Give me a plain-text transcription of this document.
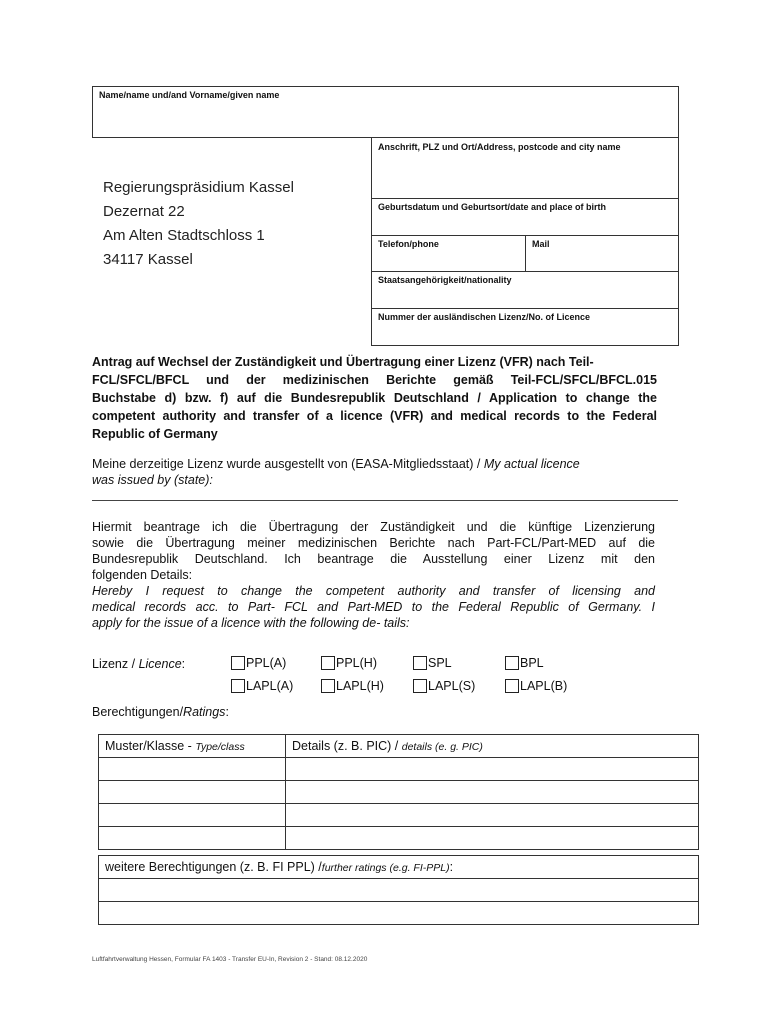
Name/name und/and Vorname/given name
Regierungspräsidium Kassel
Dezernat 22
Am Alten Stadtschloss 1
34117 Kassel
Anschrift, PLZ und Ort/Address, postcode and city name
Geburtsdatum und Geburtsort/date and place of birth
Telefon/phone	Mail
Staatsangehörigkeit/nationality
Nummer der ausländischen Lizenz/No. of Licence
Antrag auf Wechsel der Zuständigkeit und Übertragung einer Lizenz (VFR) nach Teil-
FCL/SFCL/BFCL und der medizinischen Berichte gemäß Teil-FCL/SFCL/BFCL.015
Buchstabe d) bzw. f) auf die Bundesrepublik Deutschland / Application to change the
competent authority and transfer of a licence (VFR) and medical records to the Federal
Republic of Germany
Meine derzeitige Lizenz wurde ausgestellt von (EASA-Mitgliedsstaat) / My actual licence
was issued by (state):
Hiermit beantrage ich die Übertragung der Zuständigkeit und die künftige Lizenzierung
sowie die Übertragung meiner medizinischen Berichte nach Part-FCL/Part-MED auf die
Bundesrepublik Deutschland. Ich beantrage die Ausstellung einer Lizenz mit den
folgenden Details:
Hereby I request to change the competent authority and transfer of licensing and
medical records acc. to Part- FCL and Part-MED to the Federal Republic of Germany. I
apply for the issue of a licence with the following de- tails:
Lizenz / Licence:	PPL(A)	PPL(H)	SPL	BPL
LAPL(A)	LAPL(H)	LAPL(S)	LAPL(B)
Berechtigungen/Ratings:
Muster/Klasse - Type/class	Details (z. B. PIC) / details (e. g. PIC)

weitere Berechtigungen (z. B. FI PPL) /further ratings (e.g. FI-PPL):

Luftfahrtverwaltung Hessen, Formular FA 1403 - Transfer EU-In, Revision 2 - Stand: 08.12.2020
